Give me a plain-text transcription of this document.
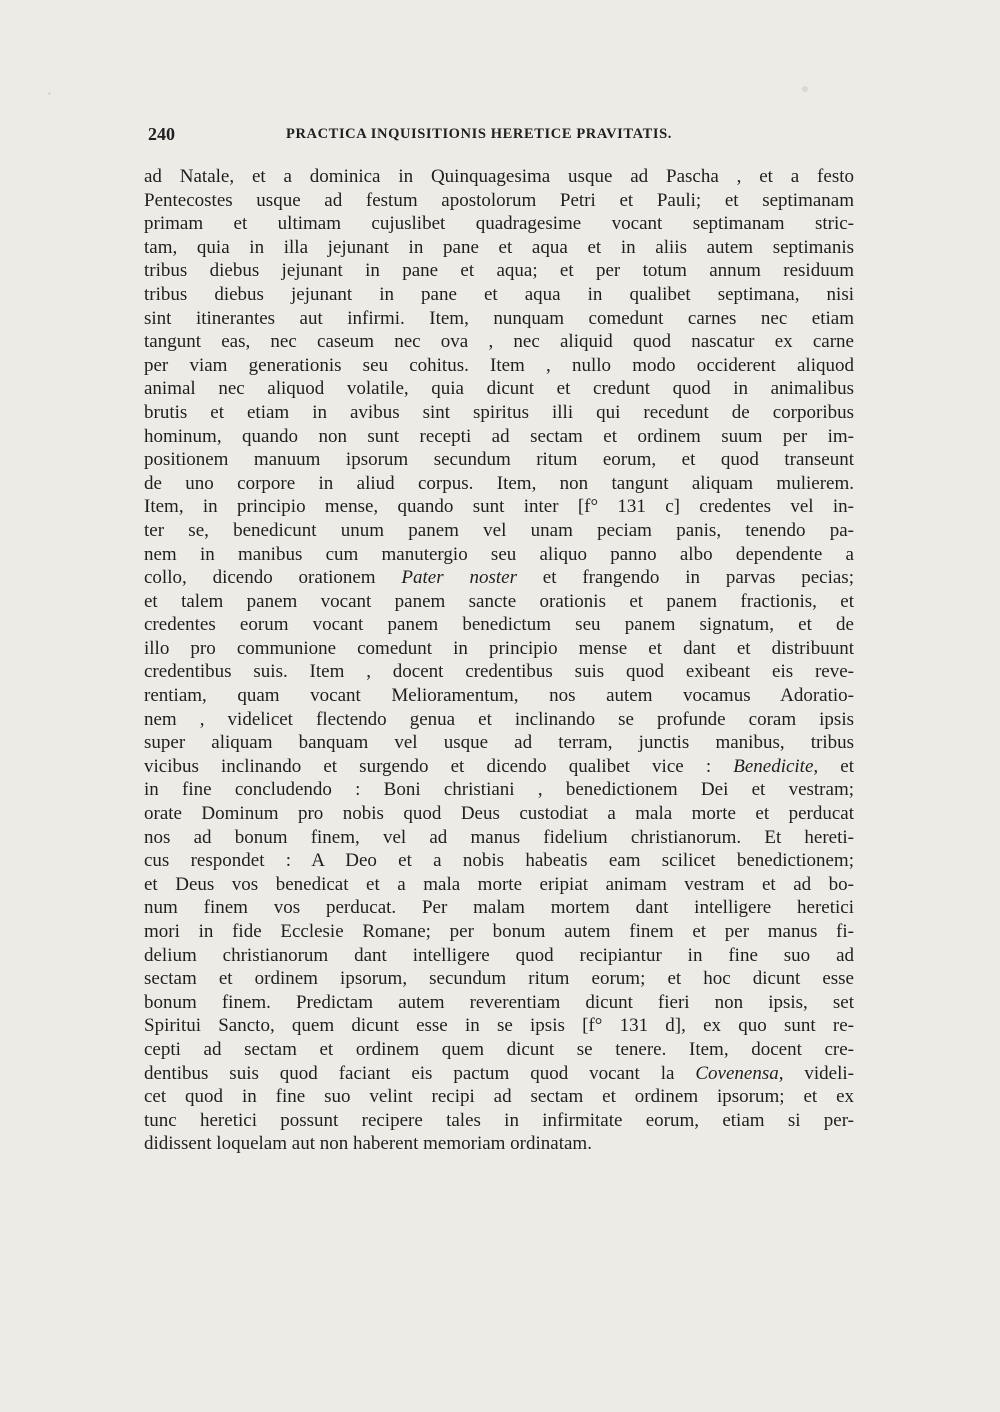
240	PRACTICA INQUISITIONIS HERETICE PRAVITATIS.
ad Natale, et a dominica in Quinquagesima usque ad Pascha , et a festo
Pentecostes usque ad festum apostolorum Petri et Pauli; et septimanam
primam et ultimam cujuslibet quadragesime vocant septimanam stric-
tam, quia in illa jejunant in pane et aqua et in aliis autem septimanis
tribus diebus jejunant in pane et aqua; et per totum annum residuum
tribus diebus jejunant in pane et aqua in qualibet septimana, nisi
sint itinerantes aut infirmi. Item, nunquam comedunt carnes nec etiam
tangunt eas, nec caseum nec ova , nec aliquid quod nascatur ex carne
per viam generationis seu cohitus. Item , nullo modo occiderent aliquod
animal nec aliquod volatile, quia dicunt et credunt quod in animalibus
brutis et etiam in avibus sint spiritus illi qui recedunt de corporibus
hominum, quando non sunt recepti ad sectam et ordinem suum per im-
positionem manuum ipsorum secundum ritum eorum, et quod transeunt
de uno corpore in aliud corpus. Item, non tangunt aliquam mulierem.
Item, in principio mense, quando sunt inter [f° 131 c] credentes vel in-
ter se, benedicunt unum panem vel unam peciam panis, tenendo pa-
nem in manibus cum manutergio seu aliquo panno albo dependente a
collo, dicendo orationem Pater noster et frangendo in parvas pecias;
et talem panem vocant panem sancte orationis et panem fractionis, et
credentes eorum vocant panem benedictum seu panem signatum, et de
illo pro communione comedunt in principio mense et dant et distribuunt
credentibus suis. Item , docent credentibus suis quod exibeant eis reve-
rentiam, quam vocant Melioramentum, nos autem vocamus Adoratio-
nem , videlicet flectendo genua et inclinando se profunde coram ipsis
super aliquam banquam vel usque ad terram, junctis manibus, tribus
vicibus inclinando et surgendo et dicendo qualibet vice : Benedicite, et
in fine concludendo : Boni christiani , benedictionem Dei et vestram;
orate Dominum pro nobis quod Deus custodiat a mala morte et perducat
nos ad bonum finem, vel ad manus fidelium christianorum. Et hereti-
cus respondet : A Deo et a nobis habeatis eam scilicet benedictionem;
et Deus vos benedicat et a mala morte eripiat animam vestram et ad bo-
num finem vos perducat. Per malam mortem dant intelligere heretici
mori in fide Ecclesie Romane; per bonum autem finem et per manus fi-
delium christianorum dant intelligere quod recipiantur in fine suo ad
sectam et ordinem ipsorum, secundum ritum eorum; et hoc dicunt esse
bonum finem. Predictam autem reverentiam dicunt fieri non ipsis, set
Spiritui Sancto, quem dicunt esse in se ipsis [f° 131 d], ex quo sunt re-
cepti ad sectam et ordinem quem dicunt se tenere. Item, docent cre-
dentibus suis quod faciant eis pactum quod vocant la Covenensa, videli-
cet quod in fine suo velint recipi ad sectam et ordinem ipsorum; et ex
tunc heretici possunt recipere tales in infirmitate eorum, etiam si per-
didissent loquelam aut non haberent memoriam ordinatam.
